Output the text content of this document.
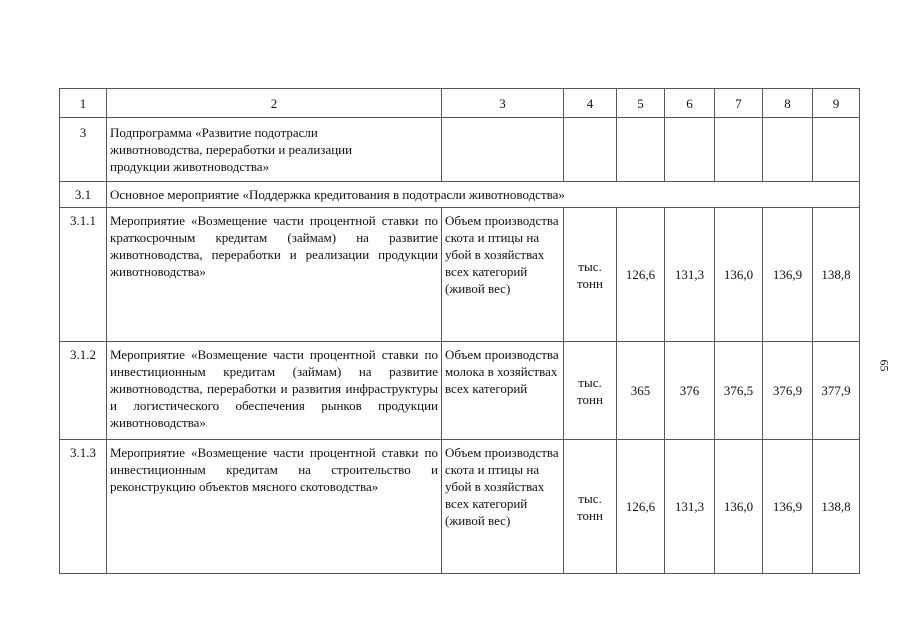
1	2	3	4	5	6	7	8	9
3	Подпрограмма «Развитие подотрасли животноводства, переработки и реализации продукции животноводства»							
3.1	Основное мероприятие «Поддержка кредитования в подотрасли животноводства»							
3.1.1	Мероприятие «Возмещение части процентной ставки по краткосрочным кредитам (займам) на развитие животноводства, переработки и реализации продукции животноводства»	Объем производства скота и птицы на убой в хозяйствах всех категорий (живой вес)	тыс. тонн	126,6	131,3	136,0	136,9	138,8
3.1.2	Мероприятие «Возмещение части процентной ставки по инвестиционным кредитам (займам) на развитие животноводства, переработки и развития инфраструктуры и логистического обеспечения рынков продукции животноводства»	Объем производства молока в хозяйствах всех категорий	тыс. тонн	365	376	376,5	376,9	377,9
3.1.3	Мероприятие «Возмещение части процентной ставки по инвестиционным кредитам на строительство и реконструкцию объектов мясного скотоводства»	Объем производства скота и птицы на убой в хозяйствах всех категорий (живой вес)	тыс. тонн	126,6	131,3	136,0	136,9	138,8
65
